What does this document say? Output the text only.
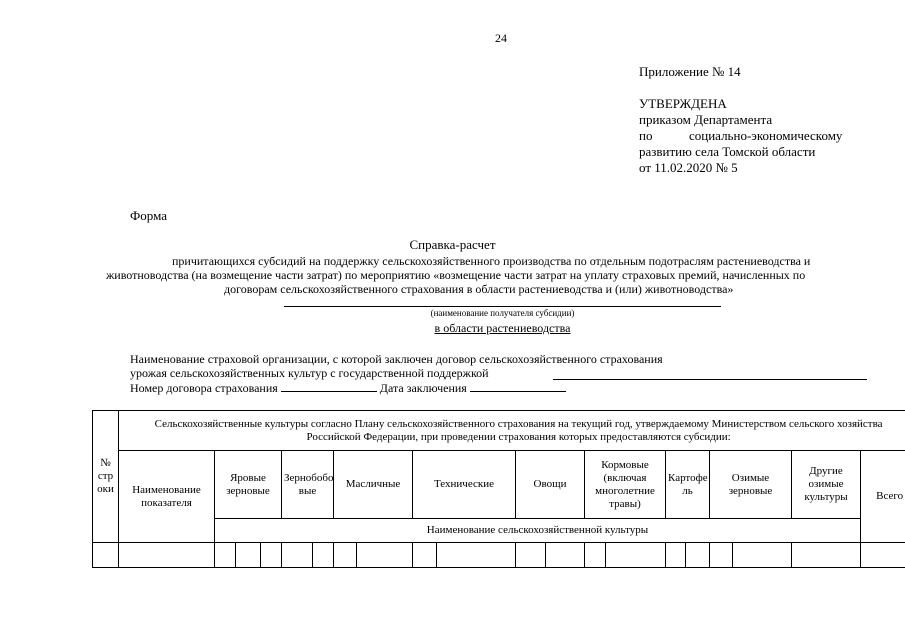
24
Приложение № 14
УТВЕРЖДЕНА
приказом Департамента
по	социально-экономическому
развитию села Томской области
от 11.02.2020 № 5
Форма
Справка-расчет
причитающихся субсидий на поддержку сельскохозяйственного производства по отдельным подотраслям растениеводства и
животноводства (на возмещение части затрат) по мероприятию «возмещение части затрат на уплату страховых премий, начисленных по
договорам сельскохозяйственного страхования в области растениеводства и (или) животноводства»
(наименование получателя субсидии)
в области растениеводства
Наименование страховой организации, с которой заключен договор сельскохозяйственного страхования
урожая сельскохозяйственных культур с государственной поддержкой
Номер договора страхования	Дата заключения
№ стр оки	Сельскохозяйственные культуры согласно Плану сельскохозяйственного страхования на текущий год, утверждаемому Министерством сельского хозяйства Российской Федерации, при проведении страхования которых предоставляются субсидии:																			
	Наименование показателя	Яровые зерновые			Зернобобо вые		Масличные		Технические		Овощи		Кормовые (включая многолетние травы)		Картофе ль		Озимые зерновые		Другие озимые культуры	Всего
		Наименование сельскохозяйственной культуры																		
